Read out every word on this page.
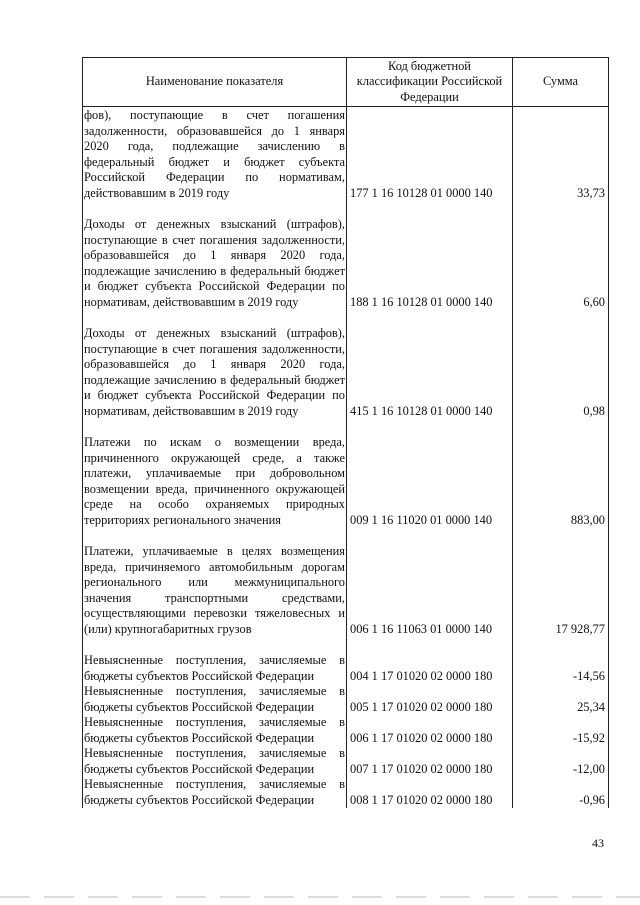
Наименование показателя	Код бюджетной классификации Российской Федерации	Сумма
фов), поступающие в счет погашения задолженности, образовавшейся до 1 января 2020 года, подлежащие зачислению в федеральный бюджет и бюджет субъекта Российской Федерации по нормативам, действовавшим в 2019 году	177 1 16 10128 01 0000 140	33,73
Доходы от денежных взысканий (штрафов), поступающие в счет погашения задолженности, образовавшейся до 1 января 2020 года, подлежащие зачислению в федеральный бюджет и бюджет субъекта Российской Федерации по нормативам, действовавшим в 2019 году	188 1 16 10128 01 0000 140	6,60
Доходы от денежных взысканий (штрафов), поступающие в счет погашения задолженности, образовавшейся до 1 января 2020 года, подлежащие зачислению в федеральный бюджет и бюджет субъекта Российской Федерации по нормативам, действовавшим в 2019 году	415 1 16 10128 01 0000 140	0,98
Платежи по искам о возмещении вреда, причиненного окружающей среде, а также платежи, уплачиваемые при добровольном возмещении вреда, причиненного окружающей среде на особо охраняемых природных территориях регионального значения	009 1 16 11020 01 0000 140	883,00
Платежи, уплачиваемые в целях возмещения вреда, причиняемого автомобильным дорогам регионального или межмуниципального значения транспортными средствами, осуществляющими перевозки тяжеловесных и (или) крупногабаритных грузов	006 1 16 11063 01 0000 140	17 928,77
Невыясненные поступления, зачисляемые в бюджеты субъектов Российской Федерации	004 1 17 01020 02 0000 180	-14,56
Невыясненные поступления, зачисляемые в бюджеты субъектов Российской Федерации	005 1 17 01020 02 0000 180	25,34
Невыясненные поступления, зачисляемые в бюджеты субъектов Российской Федерации	006 1 17 01020 02 0000 180	-15,92
Невыясненные поступления, зачисляемые в бюджеты субъектов Российской Федерации	007 1 17 01020 02 0000 180	-12,00
Невыясненные поступления, зачисляемые в бюджеты субъектов Российской Федерации	008 1 17 01020 02 0000 180	-0,96
43
